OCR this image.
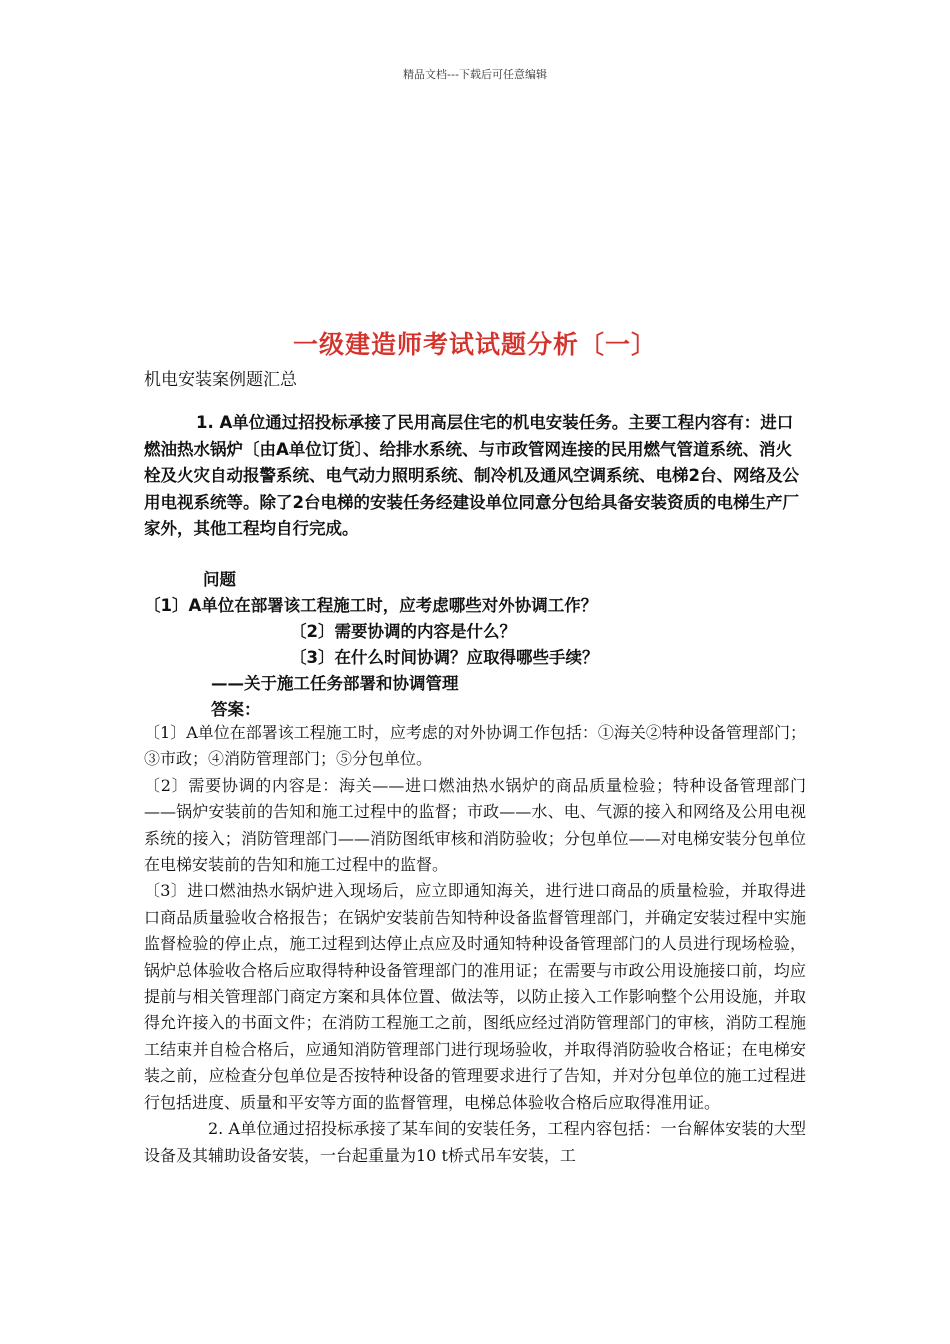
精品文档---下载后可任意编辑
一级建造师考试试题分析〔一〕
机电安装案例题汇总
1. A单位通过招投标承接了民用高层住宅的机电安装任务。主要工程内容有：进口燃油热水锅炉〔由A单位订货〕、给排水系统、与市政管网连接的民用燃气管道系统、消火栓及火灾自动报警系统、电气动力照明系统、制冷机及通风空调系统、电梯2台、网络及公用电视系统等。除了2台电梯的安装任务经建设单位同意分包给具备安装资质的电梯生产厂家外，其他工程均自行完成。
问题
〔1〕A单位在部署该工程施工时，应考虑哪些对外协调工作？
〔2〕需要协调的内容是什么？
〔3〕在什么时间协调？应取得哪些手续？
——关于施工任务部署和协调管理
答案：

〔1〕A单位在部署该工程施工时，应考虑的对外协调工作包括：①海关②特种设备管理部门；③市政；④消防管理部门；⑤分包单位。

〔2〕需要协调的内容是：海关——进口燃油热水锅炉的商品质量检验；特种设备管理部门——锅炉安装前的告知和施工过程中的监督；市政——水、电、气源的接入和网络及公用电视系统的接入；消防管理部门——消防图纸审核和消防验收；分包单位——对电梯安装分包单位在电梯安装前的告知和施工过程中的监督。

〔3〕进口燃油热水锅炉进入现场后，应立即通知海关，进行进口商品的质量检验，并取得进口商品质量验收合格报告；在锅炉安装前告知特种设备监督管理部门，并确定安装过程中实施监督检验的停止点，施工过程到达停止点应及时通知特种设备管理部门的人员进行现场检验，锅炉总体验收合格后应取得特种设备管理部门的准用证；在需要与市政公用设施接口前，均应提前与相关管理部门商定方案和具体位置、做法等，以防止接入工作影响整个公用设施，并取得允许接入的书面文件；在消防工程施工之前，图纸应经过消防管理部门的审核，消防工程施工结束并自检合格后，应通知消防管理部门进行现场验收，并取得消防验收合格证；在电梯安装之前，应检查分包单位是否按特种设备的管理要求进行了告知，并对分包单位的施工过程进行包括进度、质量和平安等方面的监督管理，电梯总体验收合格后应取得准用证。

2. A单位通过招投标承接了某车间的安装任务，工程内容包括：一台解体安装的大型设备及其辅助设备安装，一台起重量为10 t桥式吊车安装，工
